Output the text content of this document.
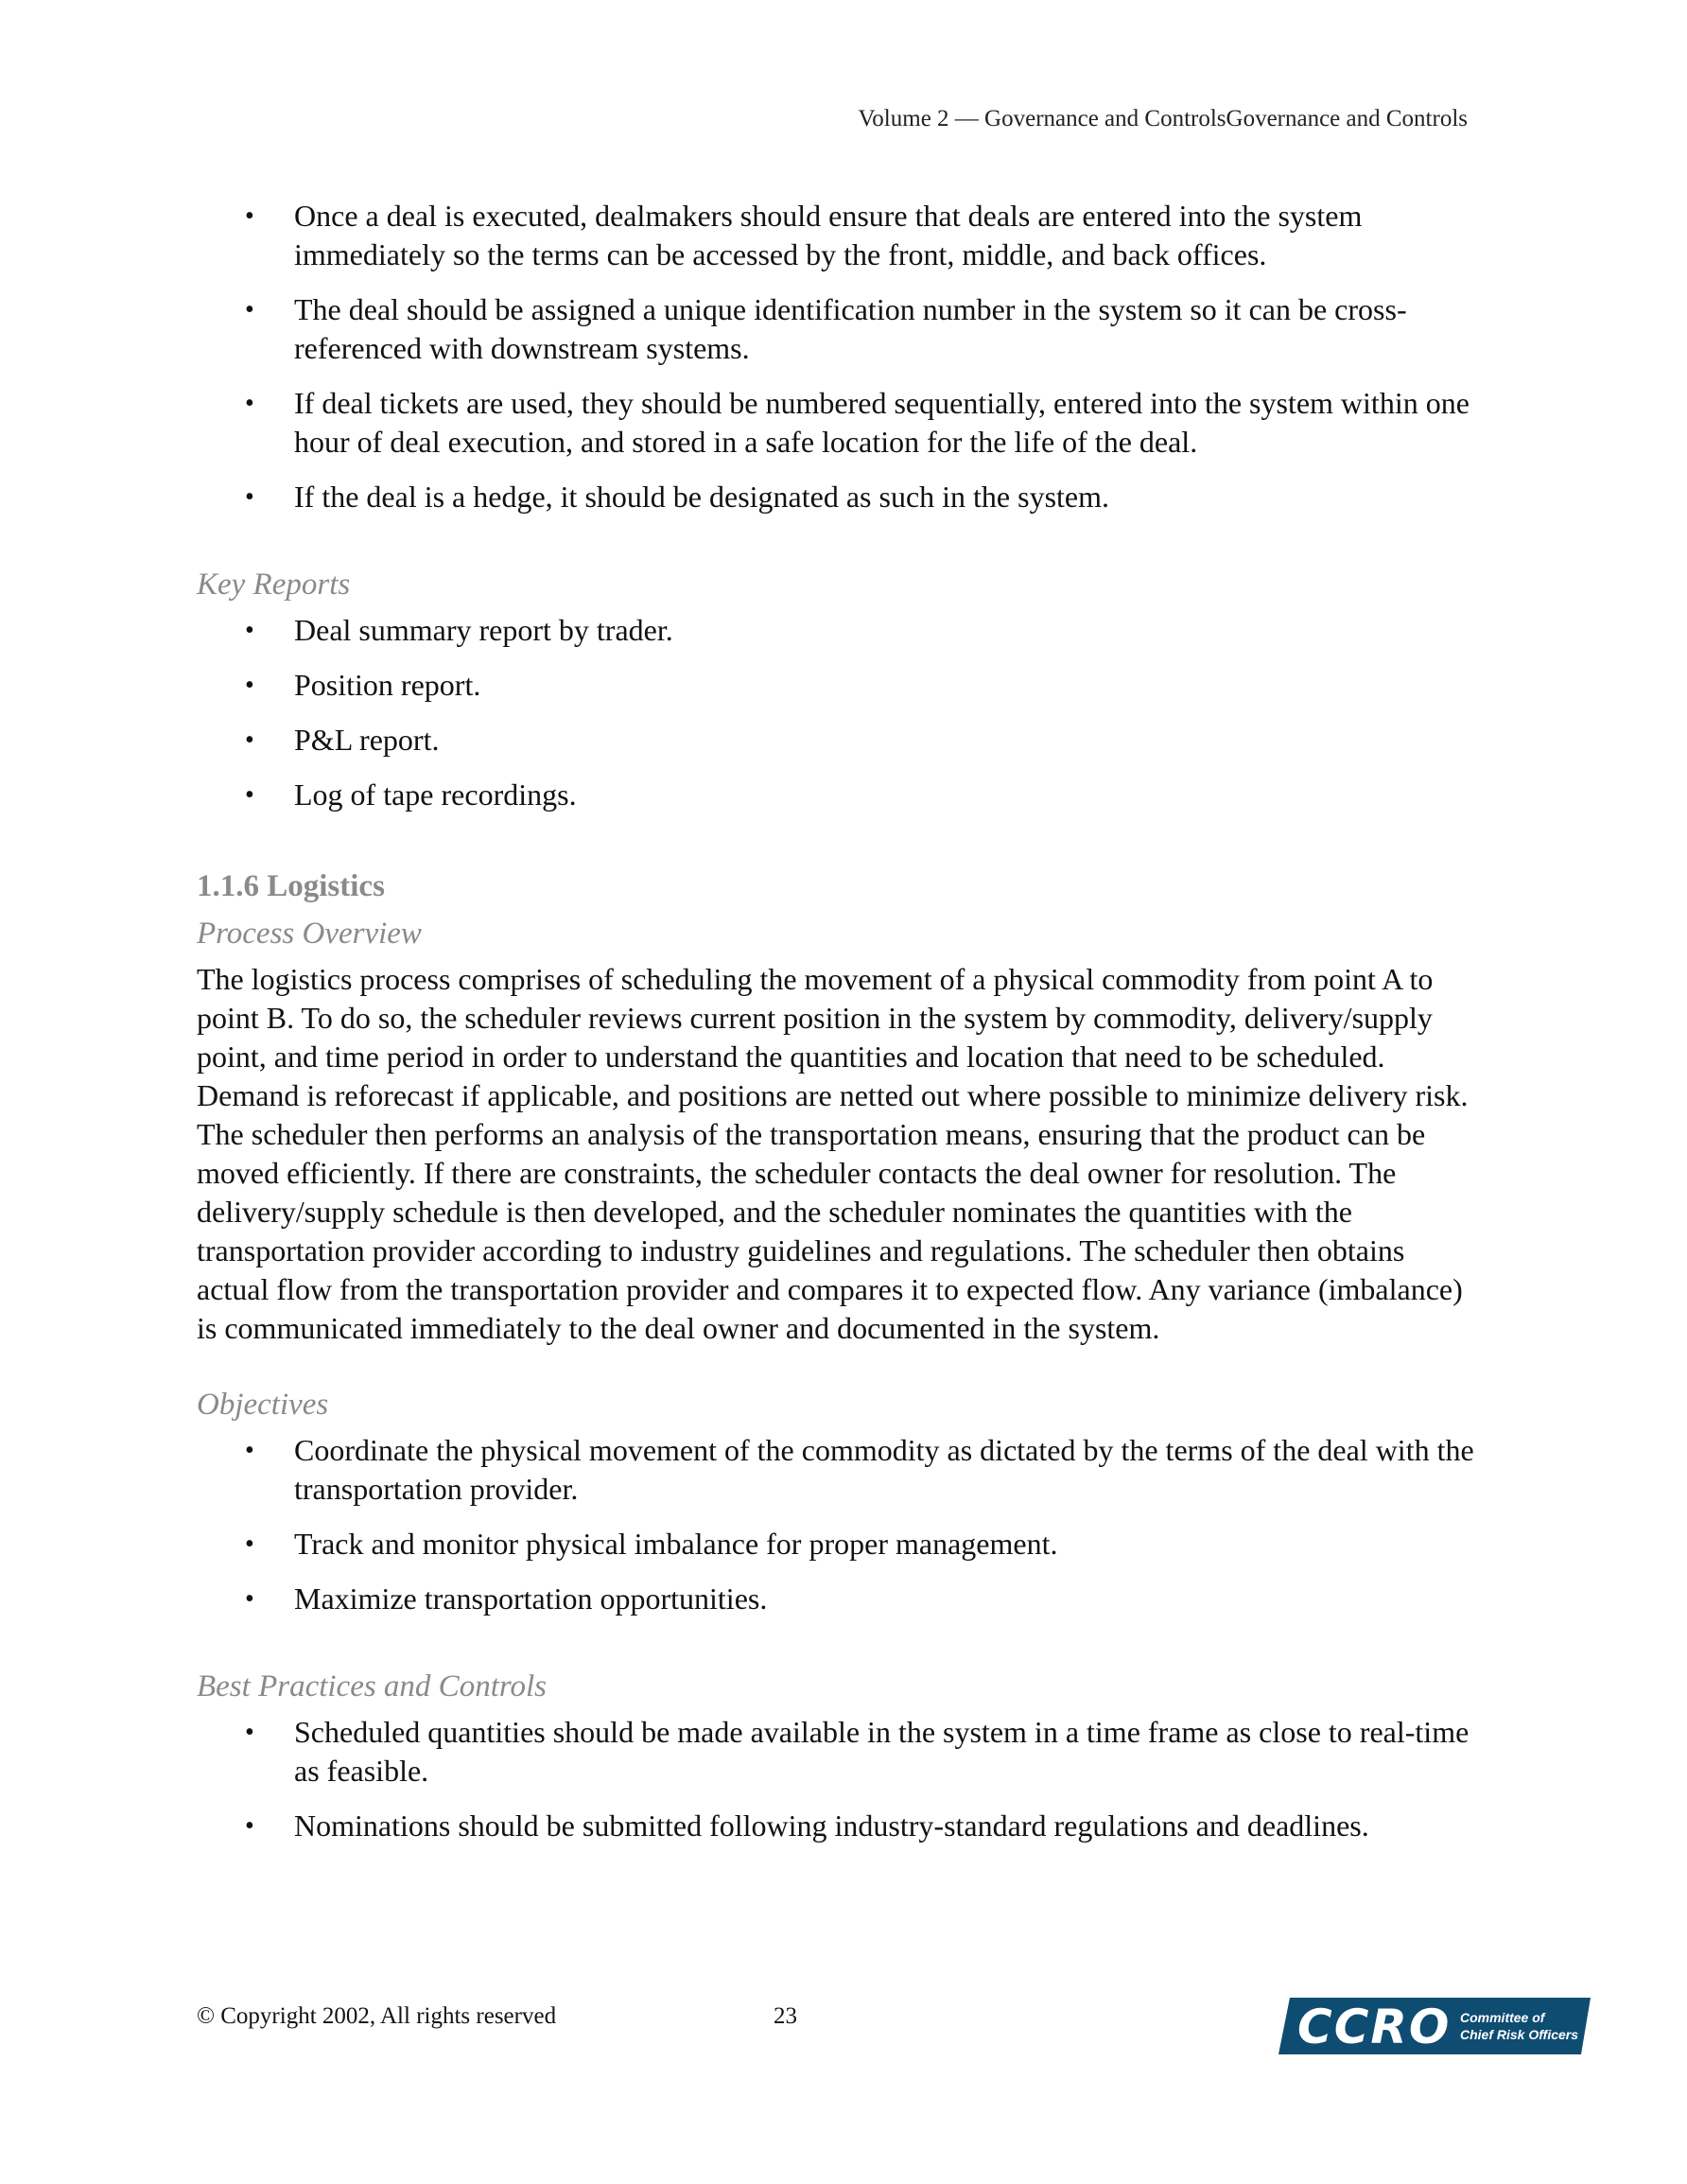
Volume 2 — Governance and ControlsGovernance and Controls
• Once a deal is executed, dealmakers should ensure that deals are entered into the system immediately so the terms can be accessed by the front, middle, and back offices.
• The deal should be assigned a unique identification number in the system so it can be cross-referenced with downstream systems.
• If deal tickets are used, they should be numbered sequentially, entered into the system within one hour of deal execution, and stored in a safe location for the life of the deal.
• If the deal is a hedge, it should be designated as such in the system.
Key Reports
• Deal summary report by trader.
• Position report.
• P&L report.
• Log of tape recordings.
1.1.6 Logistics
Process Overview

The logistics process comprises of scheduling the movement of a physical commodity from point A to point B. To do so, the scheduler reviews current position in the system by commodity, delivery/supply point, and time period in order to understand the quantities and location that need to be scheduled. Demand is reforecast if applicable, and positions are netted out where possible to minimize delivery risk. The scheduler then performs an analysis of the transportation means, ensuring that the product can be moved efficiently. If there are constraints, the scheduler contacts the deal owner for resolution. The delivery/supply schedule is then developed, and the scheduler nominates the quantities with the transportation provider according to industry guidelines and regulations. The scheduler then obtains actual flow from the transportation provider and compares it to expected flow. Any variance (imbalance) is communicated immediately to the deal owner and documented in the system.

Objectives
• Coordinate the physical movement of the commodity as dictated by the terms of the deal with the transportation provider.
• Track and monitor physical imbalance for proper management.
• Maximize transportation opportunities.
Best Practices and Controls
• Scheduled quantities should be made available in the system in a time frame as close to real-time as feasible.
• Nominations should be submitted following industry-standard regulations and deadlines.
© Copyright 2002, All rights reserved	23	CCRO Committee of
Chief Risk Officers
